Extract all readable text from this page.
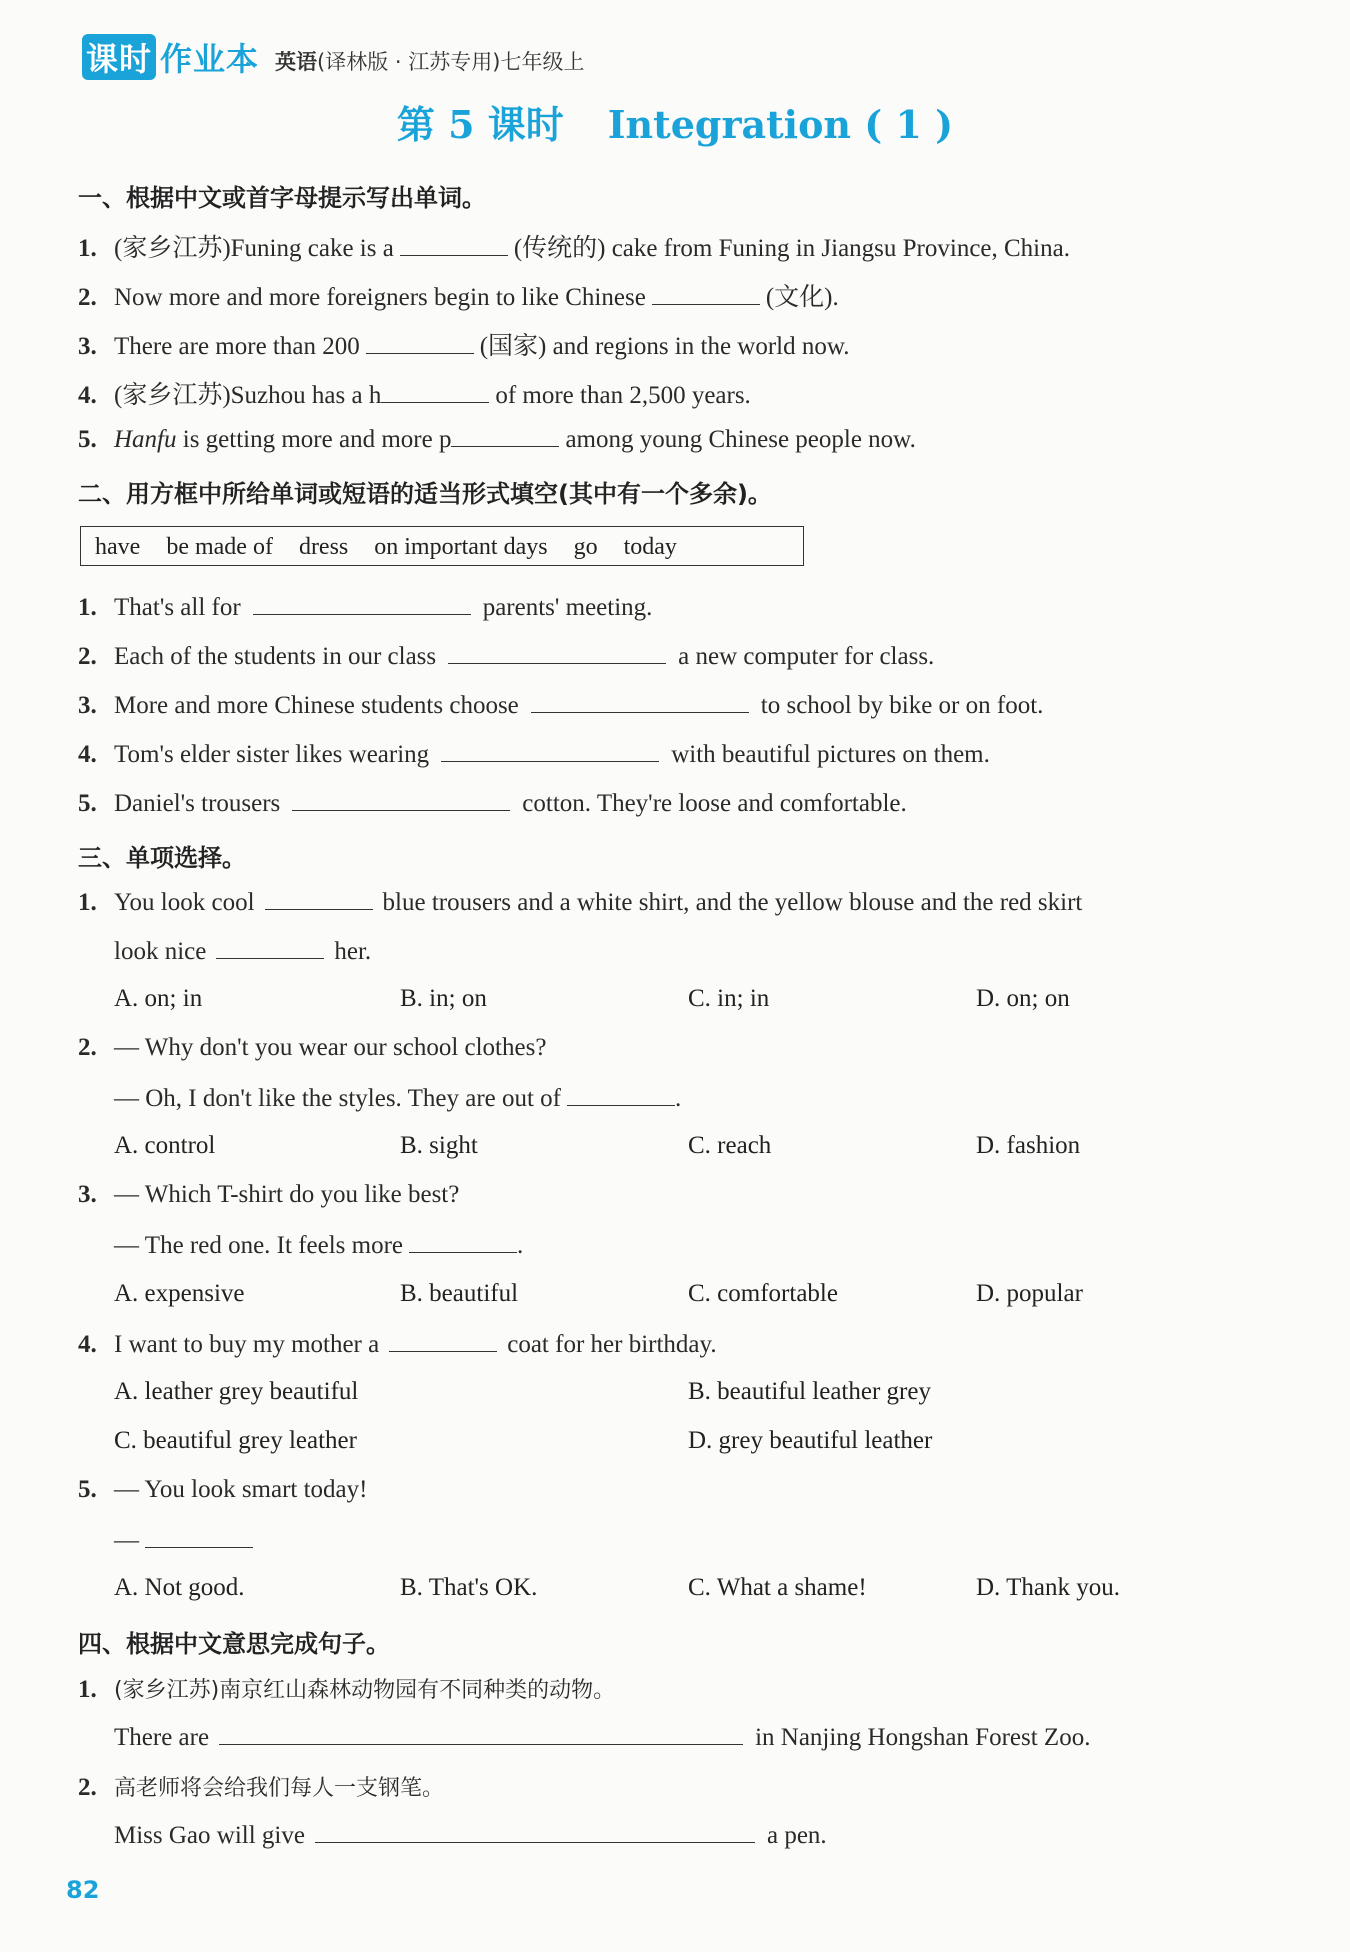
课时 作业本 英语(译林版 · 江苏专用)七年级上
第 5 课时 Integration ( 1 )
一、根据中文或首字母提示写出单词。
1. (家乡江苏)Funing cake is a	(传统的) cake from Funing in Jiangsu Province, China.
2. Now more and more foreigners begin to like Chinese	(文化).
3. There are more than 200	(国家) and regions in the world now.
4. (家乡江苏)Suzhou has a h	of more than 2,500 years.
5. Hanfu is getting more and more p	among young Chinese people now.
二、用方框中所给单词或短语的适当形式填空(其中有一个多余)。
have be made of dress on important days go today
1. That's all for	parents' meeting.
2. Each of the students in our class	a new computer for class.
3. More and more Chinese students choose	to school by bike or on foot.
4. Tom's elder sister likes wearing	with beautiful pictures on them.
5. Daniel's trousers	cotton. They're loose and comfortable.
三、单项选择。
1. You look cool	blue trousers and a white shirt, and the yellow blouse and the red skirt
look nice	her.
A. on; in	B. in; on	C. in; in	D. on; on
2. — Why don't you wear our school clothes?
— Oh, I don't like the styles. They are out of	.
A. control	B. sight	C. reach	D. fashion
3. — Which T-shirt do you like best?
— The red one. It feels more	.
A. expensive	B. beautiful	C. comfortable	D. popular
4. I want to buy my mother a	coat for her birthday.
A. leather grey beautiful	B. beautiful leather grey
C. beautiful grey leather	D. grey beautiful leather
5. — You look smart today!
—
A. Not good.	B. That's OK.	C. What a shame!	D. Thank you.
四、根据中文意思完成句子。
1. (家乡江苏)南京红山森林动物园有不同种类的动物。
There are	in Nanjing Hongshan Forest Zoo.
2. 高老师将会给我们每人一支钢笔。
Miss Gao will give	a pen.
82
